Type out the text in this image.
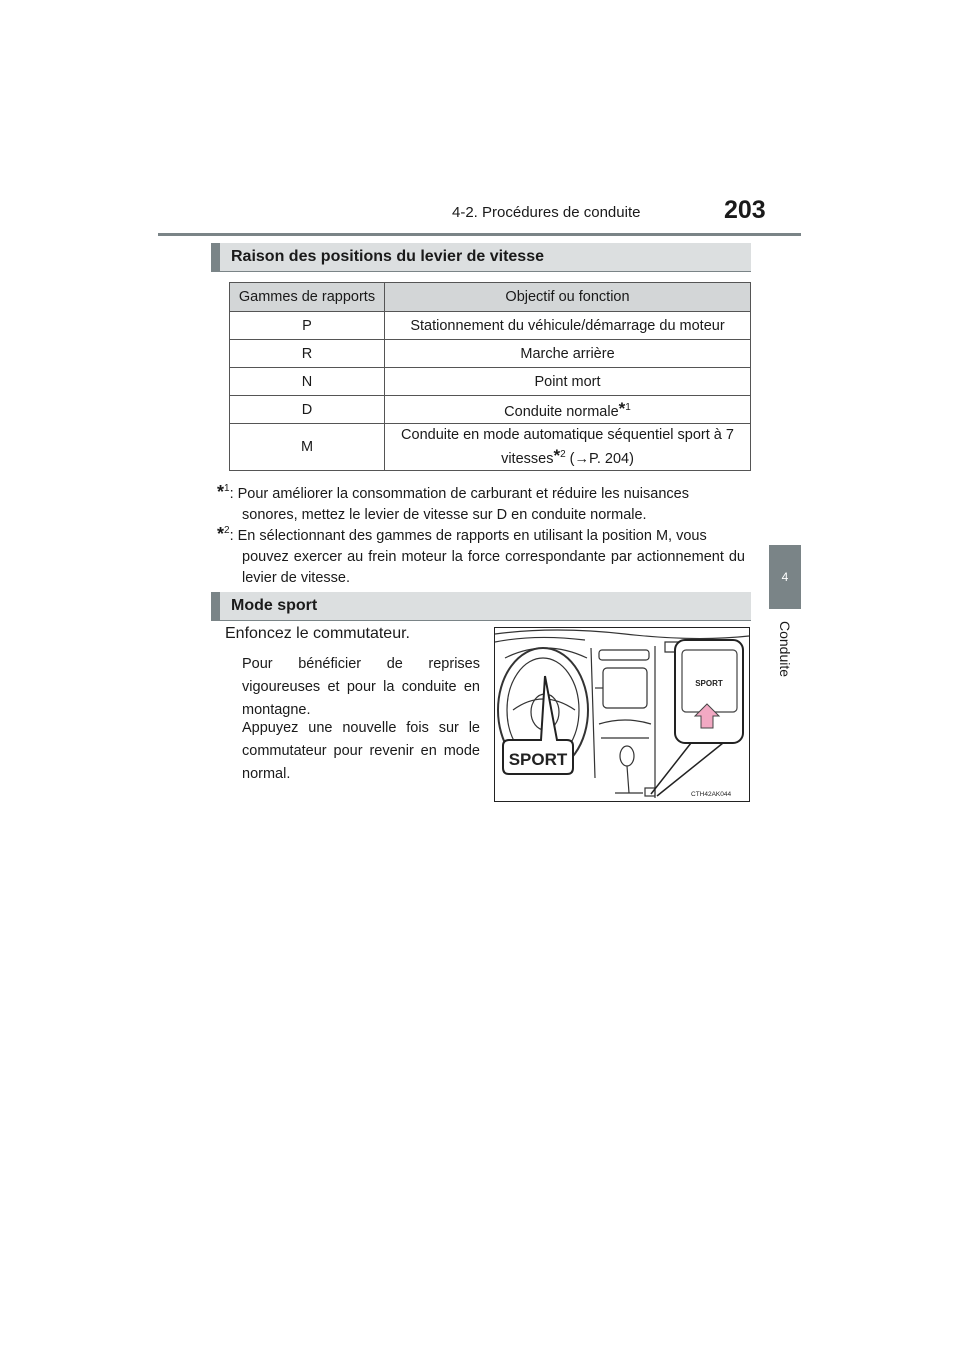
4-2. Procédures de conduite	203
4
Conduite
Raison des positions du levier de vitesse
Gammes de rapports	Objectif ou fonction
P	Stationnement du véhicule/démarrage du moteur
R	Marche arrière
N	Point mort
D	Conduite normale*$^1$
M	Conduite en mode automatique séquentiel sport à 7
vitesses*$^2$ (→P. 204)
*$^1$: Pour améliorer la consommation de carburant et réduire les nuisances
sonores, mettez le levier de vitesse sur D en conduite normale.
*$^2$: En sélectionnant des gammes de rapports en utilisant la position M, vous
pouvez exercer au frein moteur la force correspondante par actionnement du levier de vitesse.
Mode sport
Enfoncez le commutateur.
Pour bénéficier de reprises vigoureuses et pour la conduite en montagne.
Appuyez une nouvelle fois sur le commutateur pour revenir en mode normal.
SPORT
SPORT
CTH42AK044
